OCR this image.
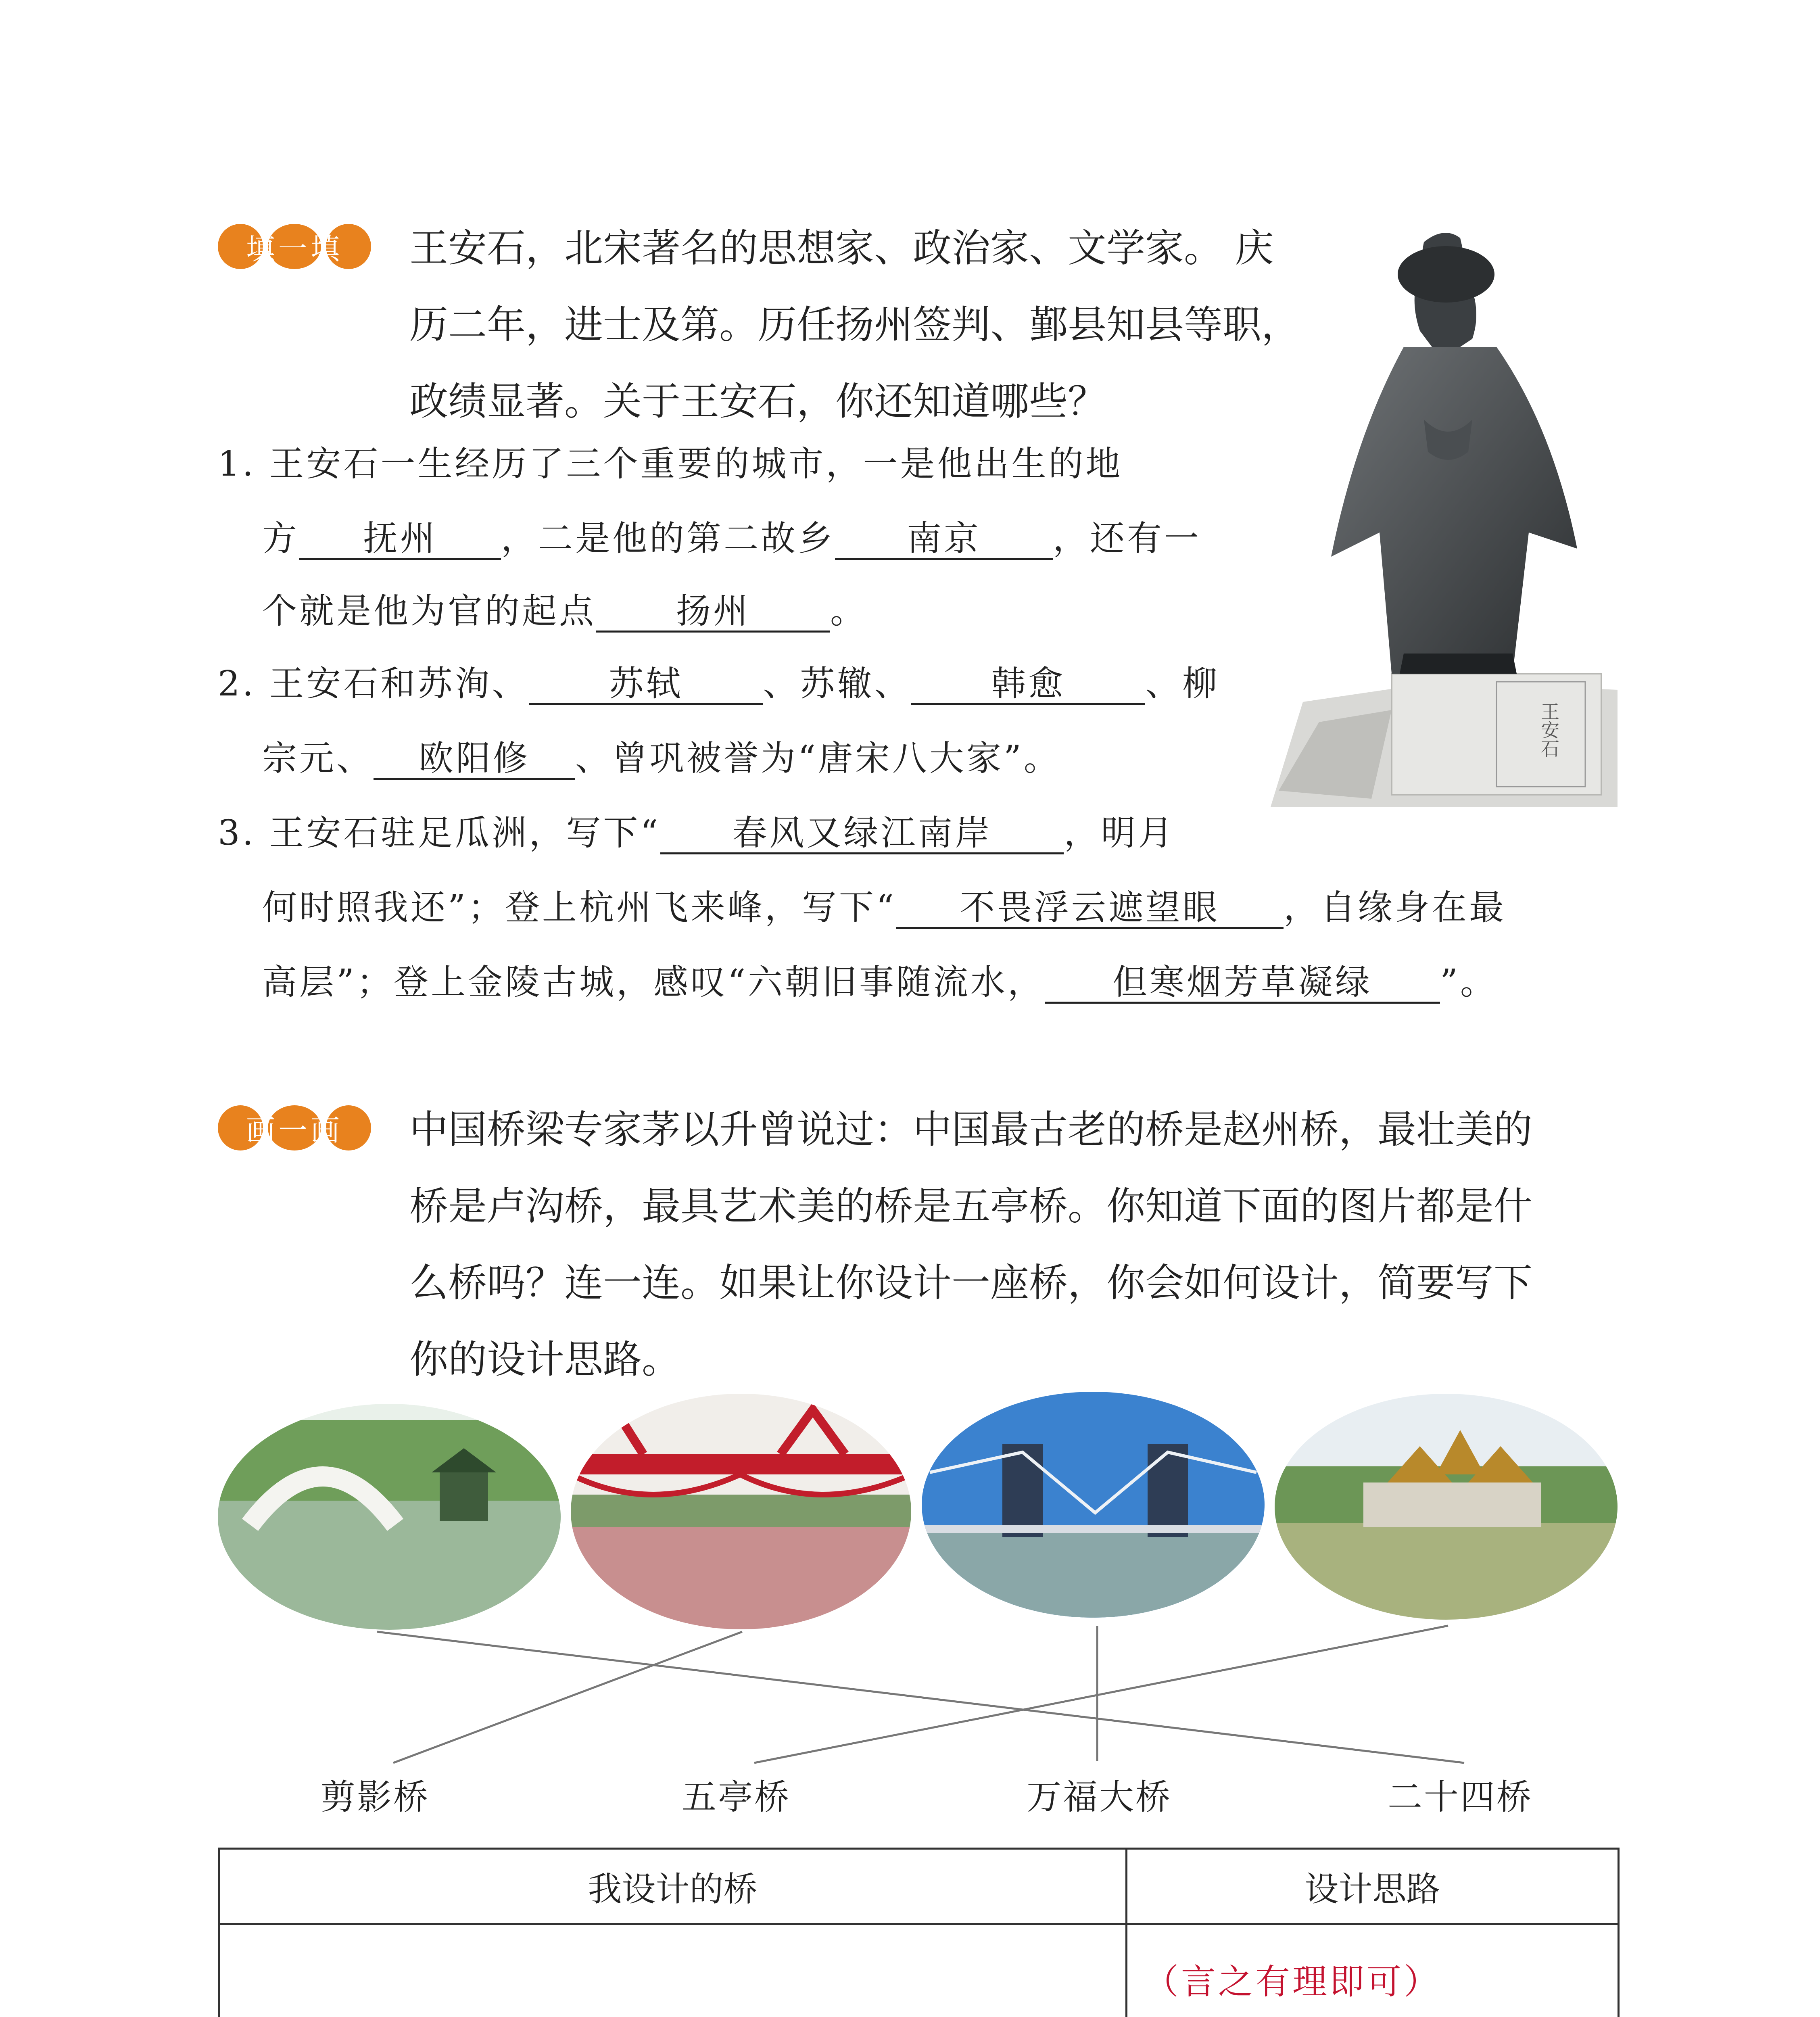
填一填 王安石，北宋著名的思想家、政治家、文学家。 庆
历二年，进士及第。历任扬州签判、鄞县知县等职，
政绩显著。关于王安石，你还知道哪些？
王安石
1. 王安石一生经历了三个重要的城市，一是他出生的地
方 抚州 ，二是他的第二故乡 南京 ，还有一
个就是他为官的起点 扬州 。
2. 王安石和苏洵、 苏轼 、苏辙、 韩愈 、柳
宗元、 欧阳修 、曾巩被誉为“唐宋八大家”。
3. 王安石驻足瓜洲，写下“ 春风又绿江南岸 ，明月
何时照我还”；登上杭州飞来峰，写下“ 不畏浮云遮望眼 ，自缘身在最
高层”；登上金陵古城，感叹“六朝旧事随流水， 但寒烟芳草凝绿 ”。
画一画 中国桥梁专家茅以升曾说过：中国最古老的桥是赵州桥，最壮美的
桥是卢沟桥，最具艺术美的桥是五亭桥。你知道下面的图片都是什
么桥吗？连一连。如果让你设计一座桥，你会如何设计，简要写下
你的设计思路。
剪影桥	五亭桥	万福大桥	二十四桥
我设计的桥	设计思路

	（言之有理即可）
